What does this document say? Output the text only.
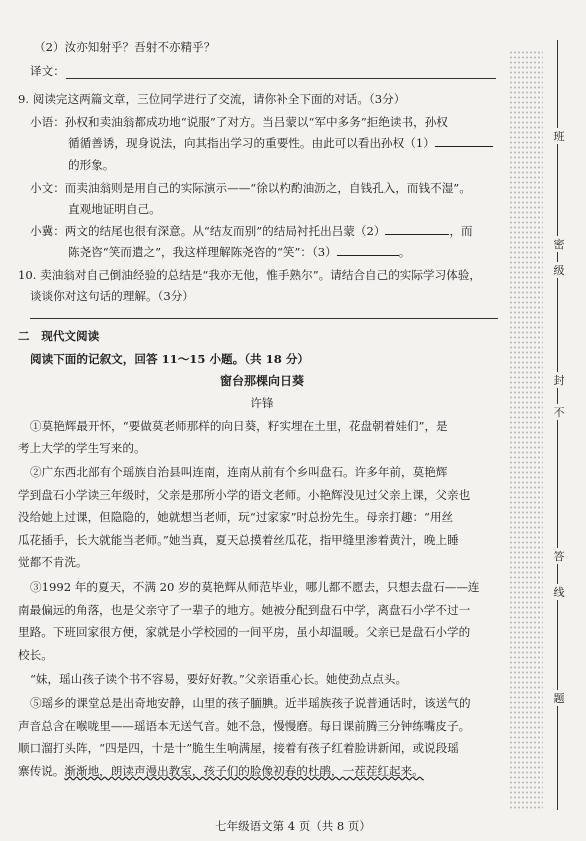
（2）汝亦知射乎？吾射不亦精乎？
译文：
9. 阅读完这两篇文章，三位同学进行了交流，请你补全下面的对话。（3分）
小语：孙权和卖油翁都成功地“说服”了对方。当吕蒙以“军中多务”拒绝读书，孙权
循循善诱，现身说法，向其指出学习的重要性。由此可以看出孙权（1）
的形象。
小文：而卖油翁则是用自己的实际演示——“徐以杓酌油沥之，自钱孔入，而钱不湿”。
直观地证明自己。
小冀：两文的结尾也很有深意。从“结友而别”的结局衬托出吕蒙（2）	，而
陈尧咨“笑而遣之”，我这样理解陈尧咨的“笑”：（3）	。
10. 卖油翁对自己倒油经验的总结是“我亦无他，惟手熟尔”。请结合自己的实际学习体验，
谈谈你对这句话的理解。（3分）
二　现代文阅读
阅读下面的记叙文，回答 11～15 小题。（共 18 分）
窗台那棵向日葵
许锋
①莫艳辉最开怀，“要做莫老师那样的向日葵，籽实埋在土里，花盘朝着娃们”，是
考上大学的学生写来的。
②广东西北部有个瑶族自治县叫连南，连南从前有个乡叫盘石。许多年前，莫艳辉
学到盘石小学读三年级时，父亲是那所小学的语文老师。小艳辉没见过父亲上课，父亲也
没给她上过课，但隐隐的，她就想当老师，玩“过家家”时总扮先生。母亲打趣：“用丝
瓜花插手，长大就能当老师。”她当真，夏天总摸着丝瓜花，指甲缝里渗着黄汁，晚上睡
觉都不肯洗。
③1992 年的夏天，不满 20 岁的莫艳辉从师范毕业，哪儿都不愿去，只想去盘石——连
南最偏远的角落，也是父亲守了一辈子的地方。她被分配到盘石中学，离盘石小学不过一
里路。下班回家很方便，家就是小学校园的一间平房，虽小却温暖。父亲已是盘石小学的
校长。
“妹，瑶山孩子读个书不容易，要好好教。”父亲语重心长。她使劲点点头。
⑤瑶乡的课堂总是出奇地安静，山里的孩子腼腆。近半瑶族孩子说普通话时，该送气的
声音总含在喉咙里——瑶语本无送气音。她不急，慢慢磨。每日课前腾三分钟练嘴皮子。
顺口溜打头阵，“四是四，十是十”脆生生响满屋，接着有孩子红着脸讲新闻，或说段瑶
寨传说。渐渐地，朗读声漫出教室，孩子们的脸像初春的杜鹃，一茬茬红起来。
班
密
级
封
不
答
线
题
七年级语文第 4 页（共 8 页）
